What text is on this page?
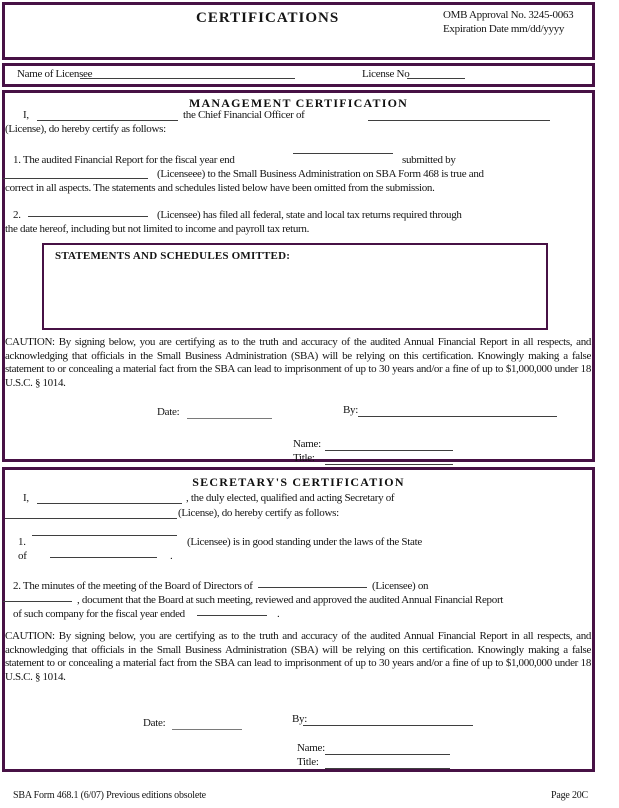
CERTIFICATIONS	OMB Approval No. 3245-0063
Expiration Date mm/dd/yyyy
Name of Licensee	License No
MANAGEMENT CERTIFICATION
I,	the Chief Financial Officer of
(License), do hereby certify as follows:
1. The audited Financial Report for the fiscal year end	submitted by
(Licenseee) to the Small Business Administration on SBA Form 468 is true and
correct in all aspects. The statements and schedules listed below have been omitted from the submission.
2.	(Licensee) has filed all federal, state and local tax returns required through
the date hereof, including but not limited to income and payroll tax return.
STATEMENTS AND SCHEDULES OMITTED:
CAUTION: By signing below, you are certifying as to the truth and accuracy of the audited Annual Financial Report in all respects, and acknowledging that officials in the Small Business Administration (SBA) will be relying on this certification. Knowingly making a false statement to or concealing a material fact from the SBA can lead to imprisonment of up to 30 years and/or a fine of up to $1,000,000 under 18 U.S.C. § 1014.
Date:	By:
Name:
Title:
SECRETARY'S CERTIFICATION
I,	, the duly elected, qualified and acting Secretary of
(License), do hereby certify as follows:
1.	(Licensee) is in good standing under the laws of the State
of	.
2. The minutes of the meeting of the Board of Directors of	(Licensee) on
, document that the Board at such meeting, reviewed and approved the audited Annual Financial Report
of such company for the fiscal year ended	.
CAUTION: By signing below, you are certifying as to the truth and accuracy of the audited Annual Financial Report in all respects, and acknowledging that officials in the Small Business Administration (SBA) will be relying on this certification. Knowingly making a false statement to or concealing a material fact from the SBA can lead to imprisonment of up to 30 years and/or a fine of up to $1,000,000 under 18 U.S.C. § 1014.
Date:	By:
Name:
Title:
SBA Form 468.1 (6/07) Previous editions obsolete	Page 20C
